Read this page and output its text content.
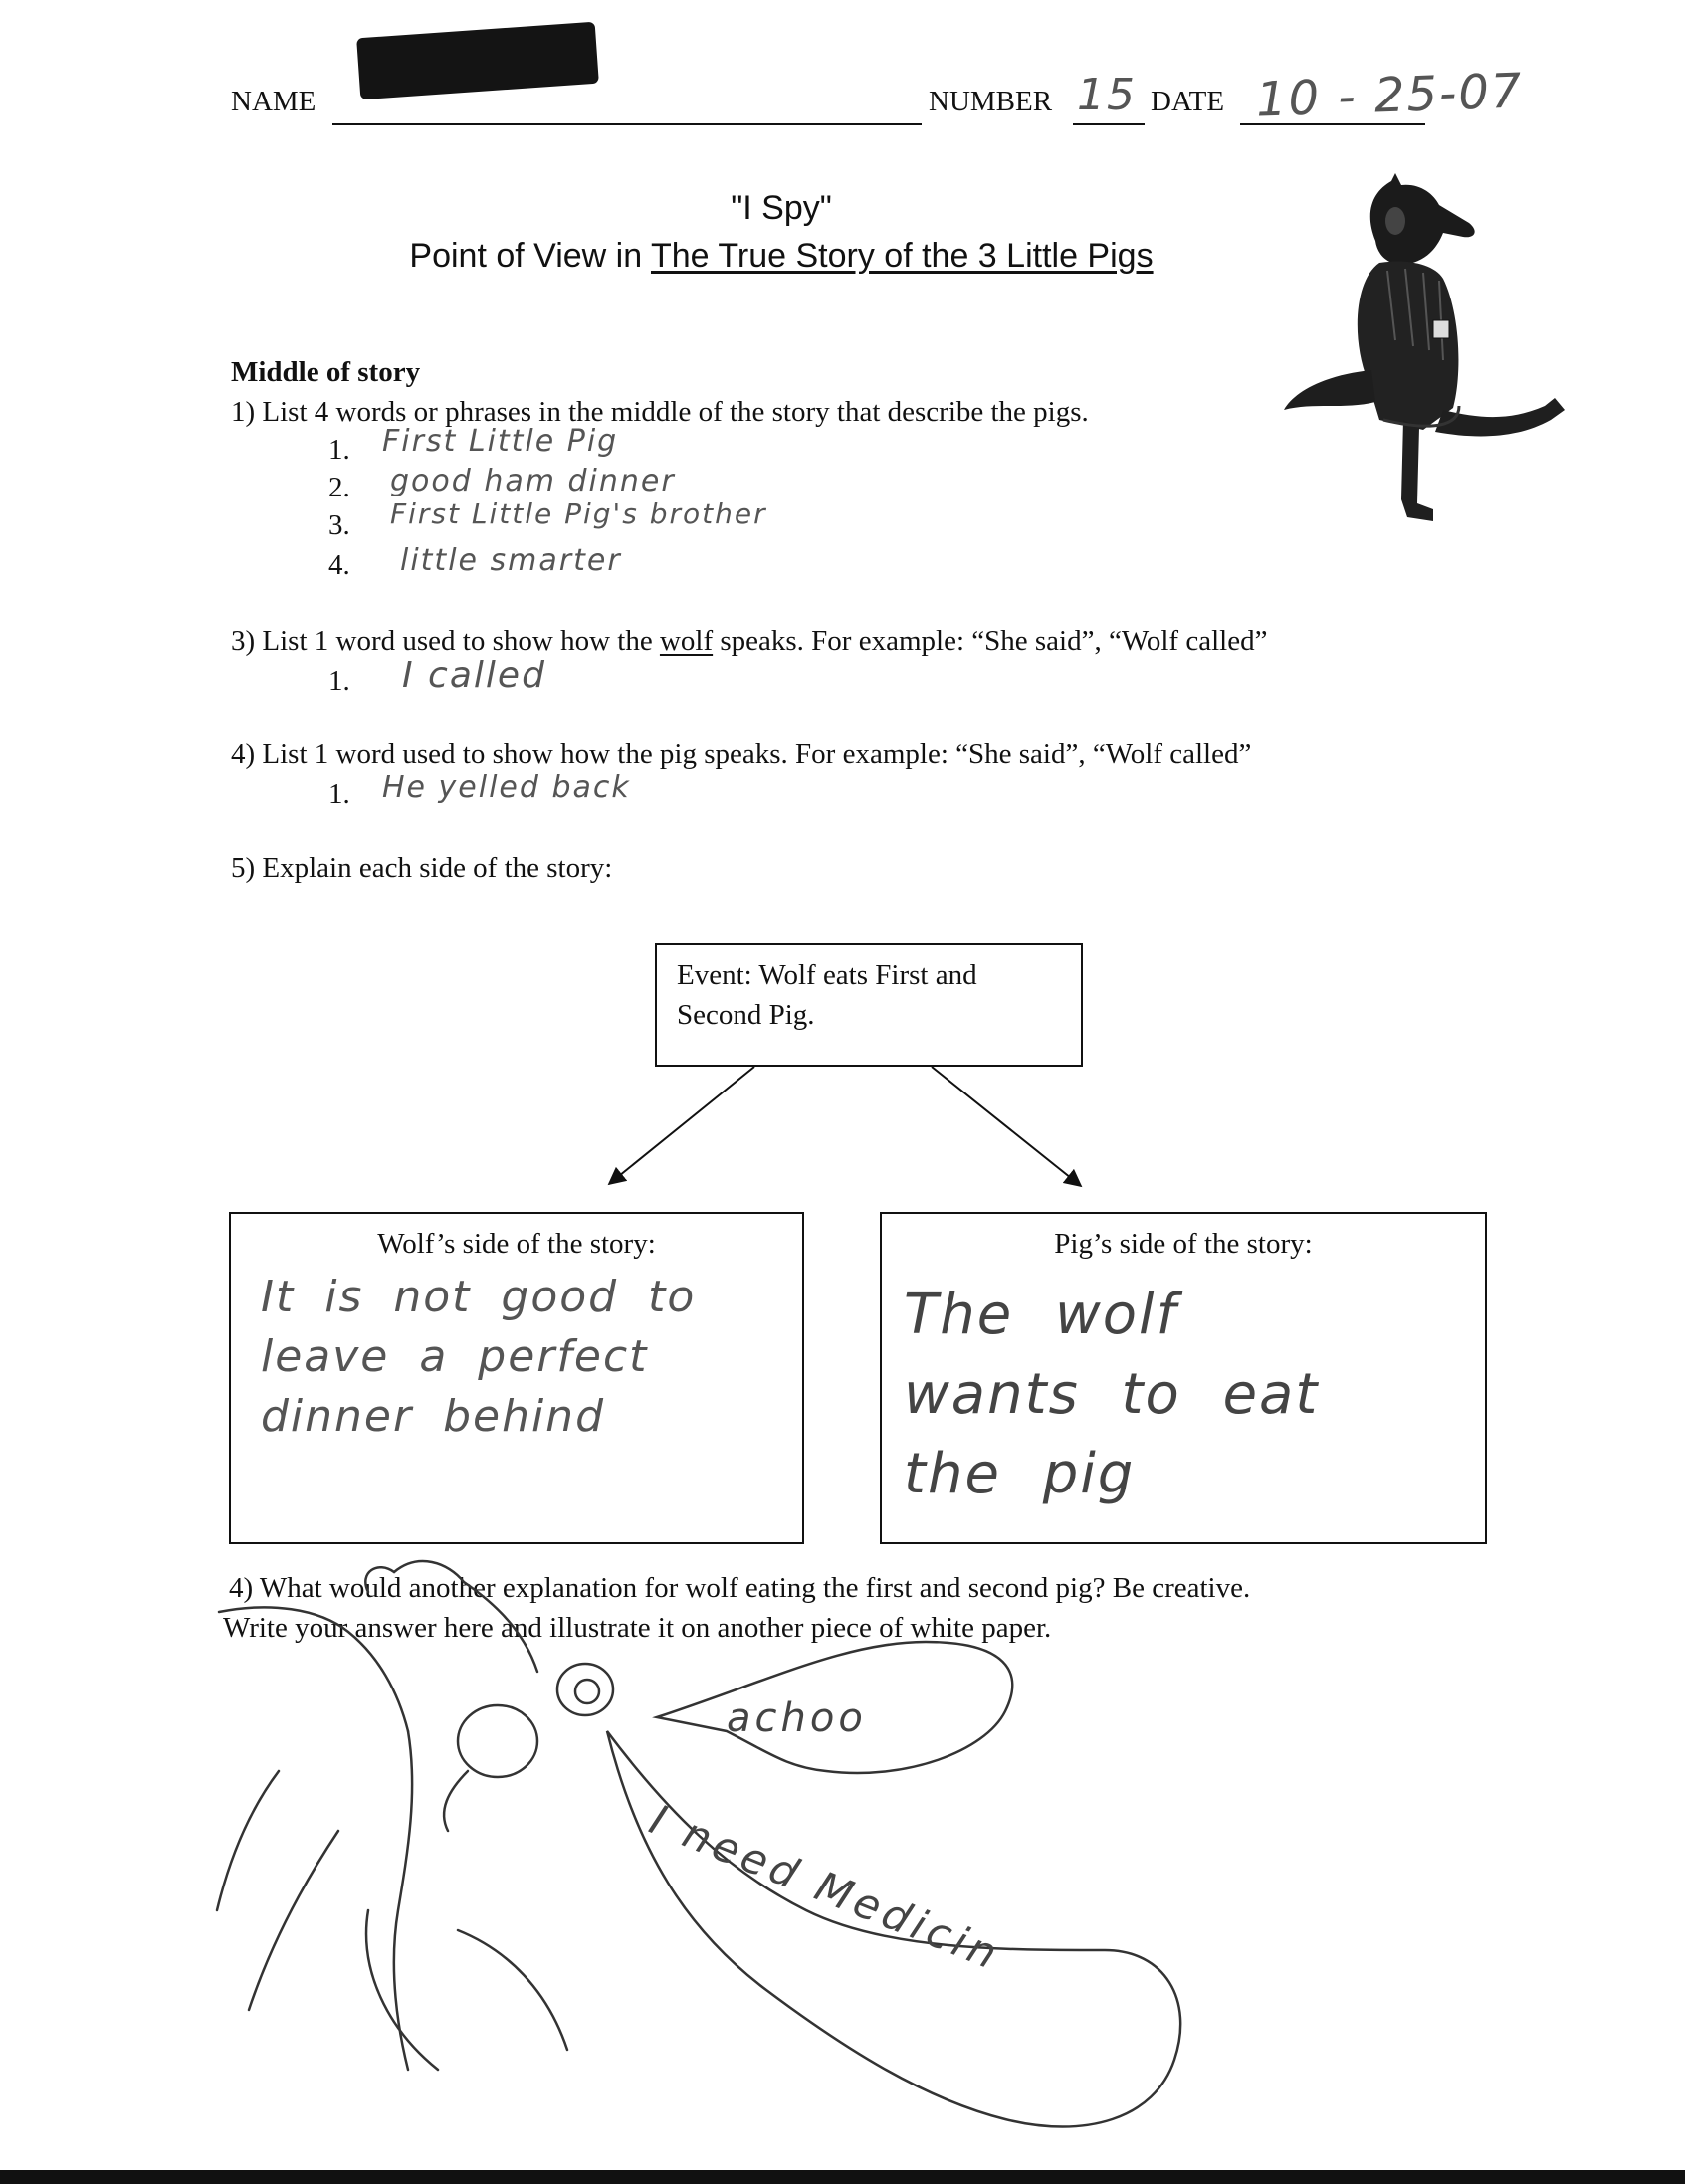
NAME	NUMBER 15 DATE 10 - 25-07
"I Spy"
Point of View in The True Story of the 3 Little Pigs
Middle of story
1) List 4 words or phrases in the middle of the story that describe the pigs.
1. First Little Pig
2. good ham dinner
3. First Little Pig's brother
4. little smarter
3) List 1 word used to show how the wolf speaks. For example: “She said”, “Wolf called”
1. I called
4) List 1 word used to show how the pig speaks. For example: “She said”, “Wolf called”
1. He yelled back
5) Explain each side of the story:
Event: Wolf eats First and Second Pig.
Wolf’s side of the story:
It is not good to leave a perfect dinner behind
Pig’s side of the story:
The wolf wants to eat the pig
4) What would another explanation for wolf eating the first and second pig? Be creative.
Write your answer here and illustrate it on another piece of white paper.
achoo
I need Medicin
